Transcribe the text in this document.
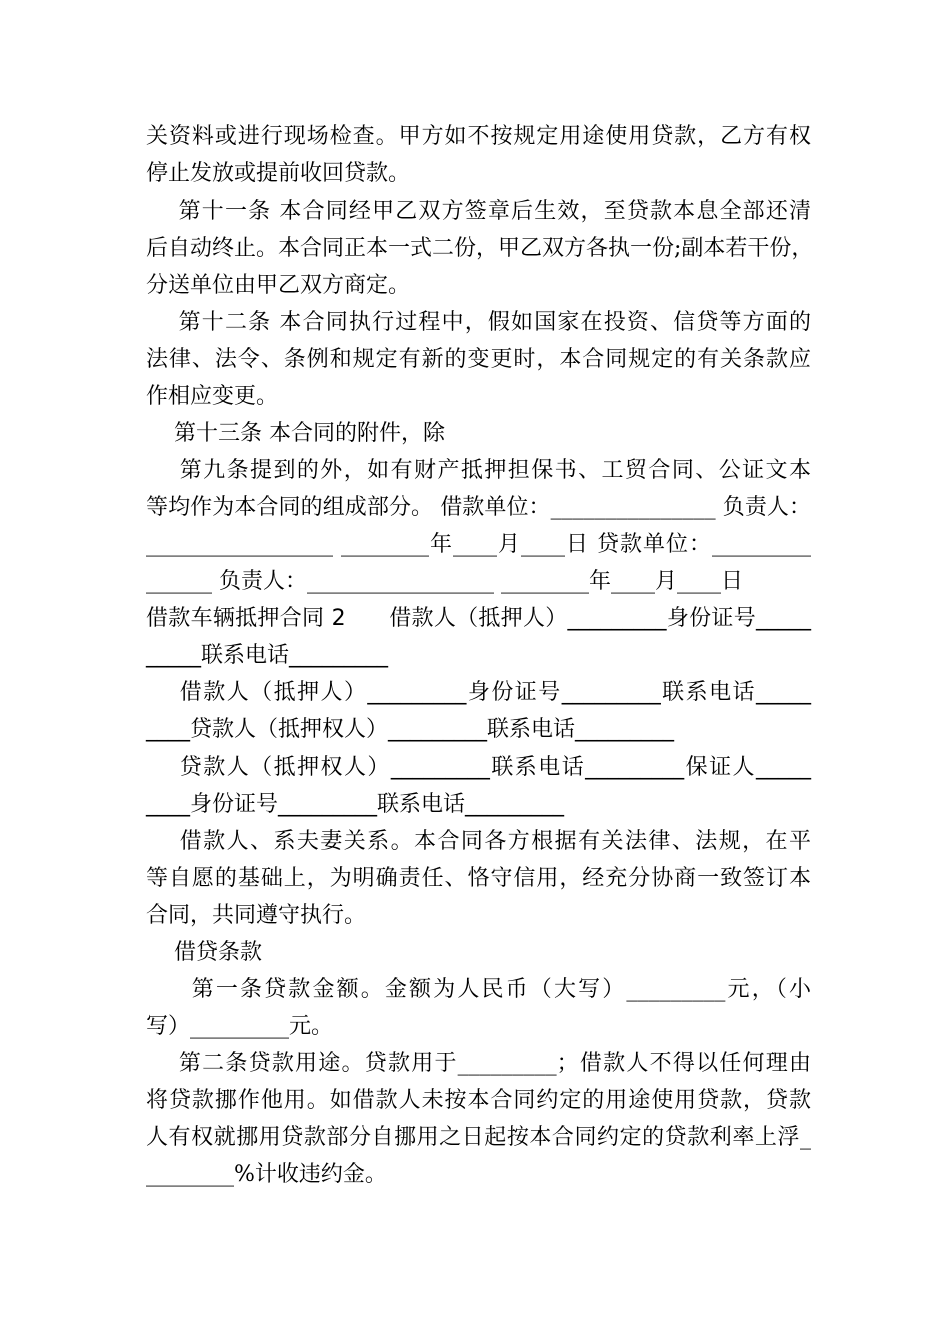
关资料或进行现场检查。甲方如不按规定用途使用贷款，乙方有权
停止发放或提前收回贷款。
第十一条 本合同经甲乙双方签章后生效，至贷款本息全部还清
后自动终止。本合同正本一式二份，甲乙双方各执一份;副本若干份，
分送单位由甲乙双方商定。
第十二条 本合同执行过程中，假如国家在投资、信贷等方面的
法律、法令、条例和规定有新的变更时，本合同规定的有关条款应
作相应变更。
第十三条 本合同的附件，除
第九条提到的外，如有财产抵押担保书、工贸合同、公证文本
等均作为本合同的组成部分。 借款单位：_______________ 负责人：
_________________ ________年____月____日 贷款单位：_________
______ 负责人：_________________ ________年____月____日
借款车辆抵押合同 2      借款人（抵押人）_________身份证号_____
_____联系电话_________
借款人（抵押人）_________身份证号_________联系电话_____
____贷款人（抵押权人）_________联系电话_________
贷款人（抵押权人）_________联系电话_________保证人_____
____身份证号_________联系电话_________
借款人、系夫妻关系。本合同各方根据有关法律、法规，在平
等自愿的基础上，为明确责任、恪守信用，经充分协商一致签订本
合同，共同遵守执行。
借贷条款
第一条贷款金额。金额为人民币（大写）_________元，（小
写）_________元。
第二条贷款用途。贷款用于_________；借款人不得以任何理由
将贷款挪作他用。如借款人未按本合同约定的用途使用贷款，贷款
人有权就挪用贷款部分自挪用之日起按本合同约定的贷款利率上浮_
________%计收违约金。
